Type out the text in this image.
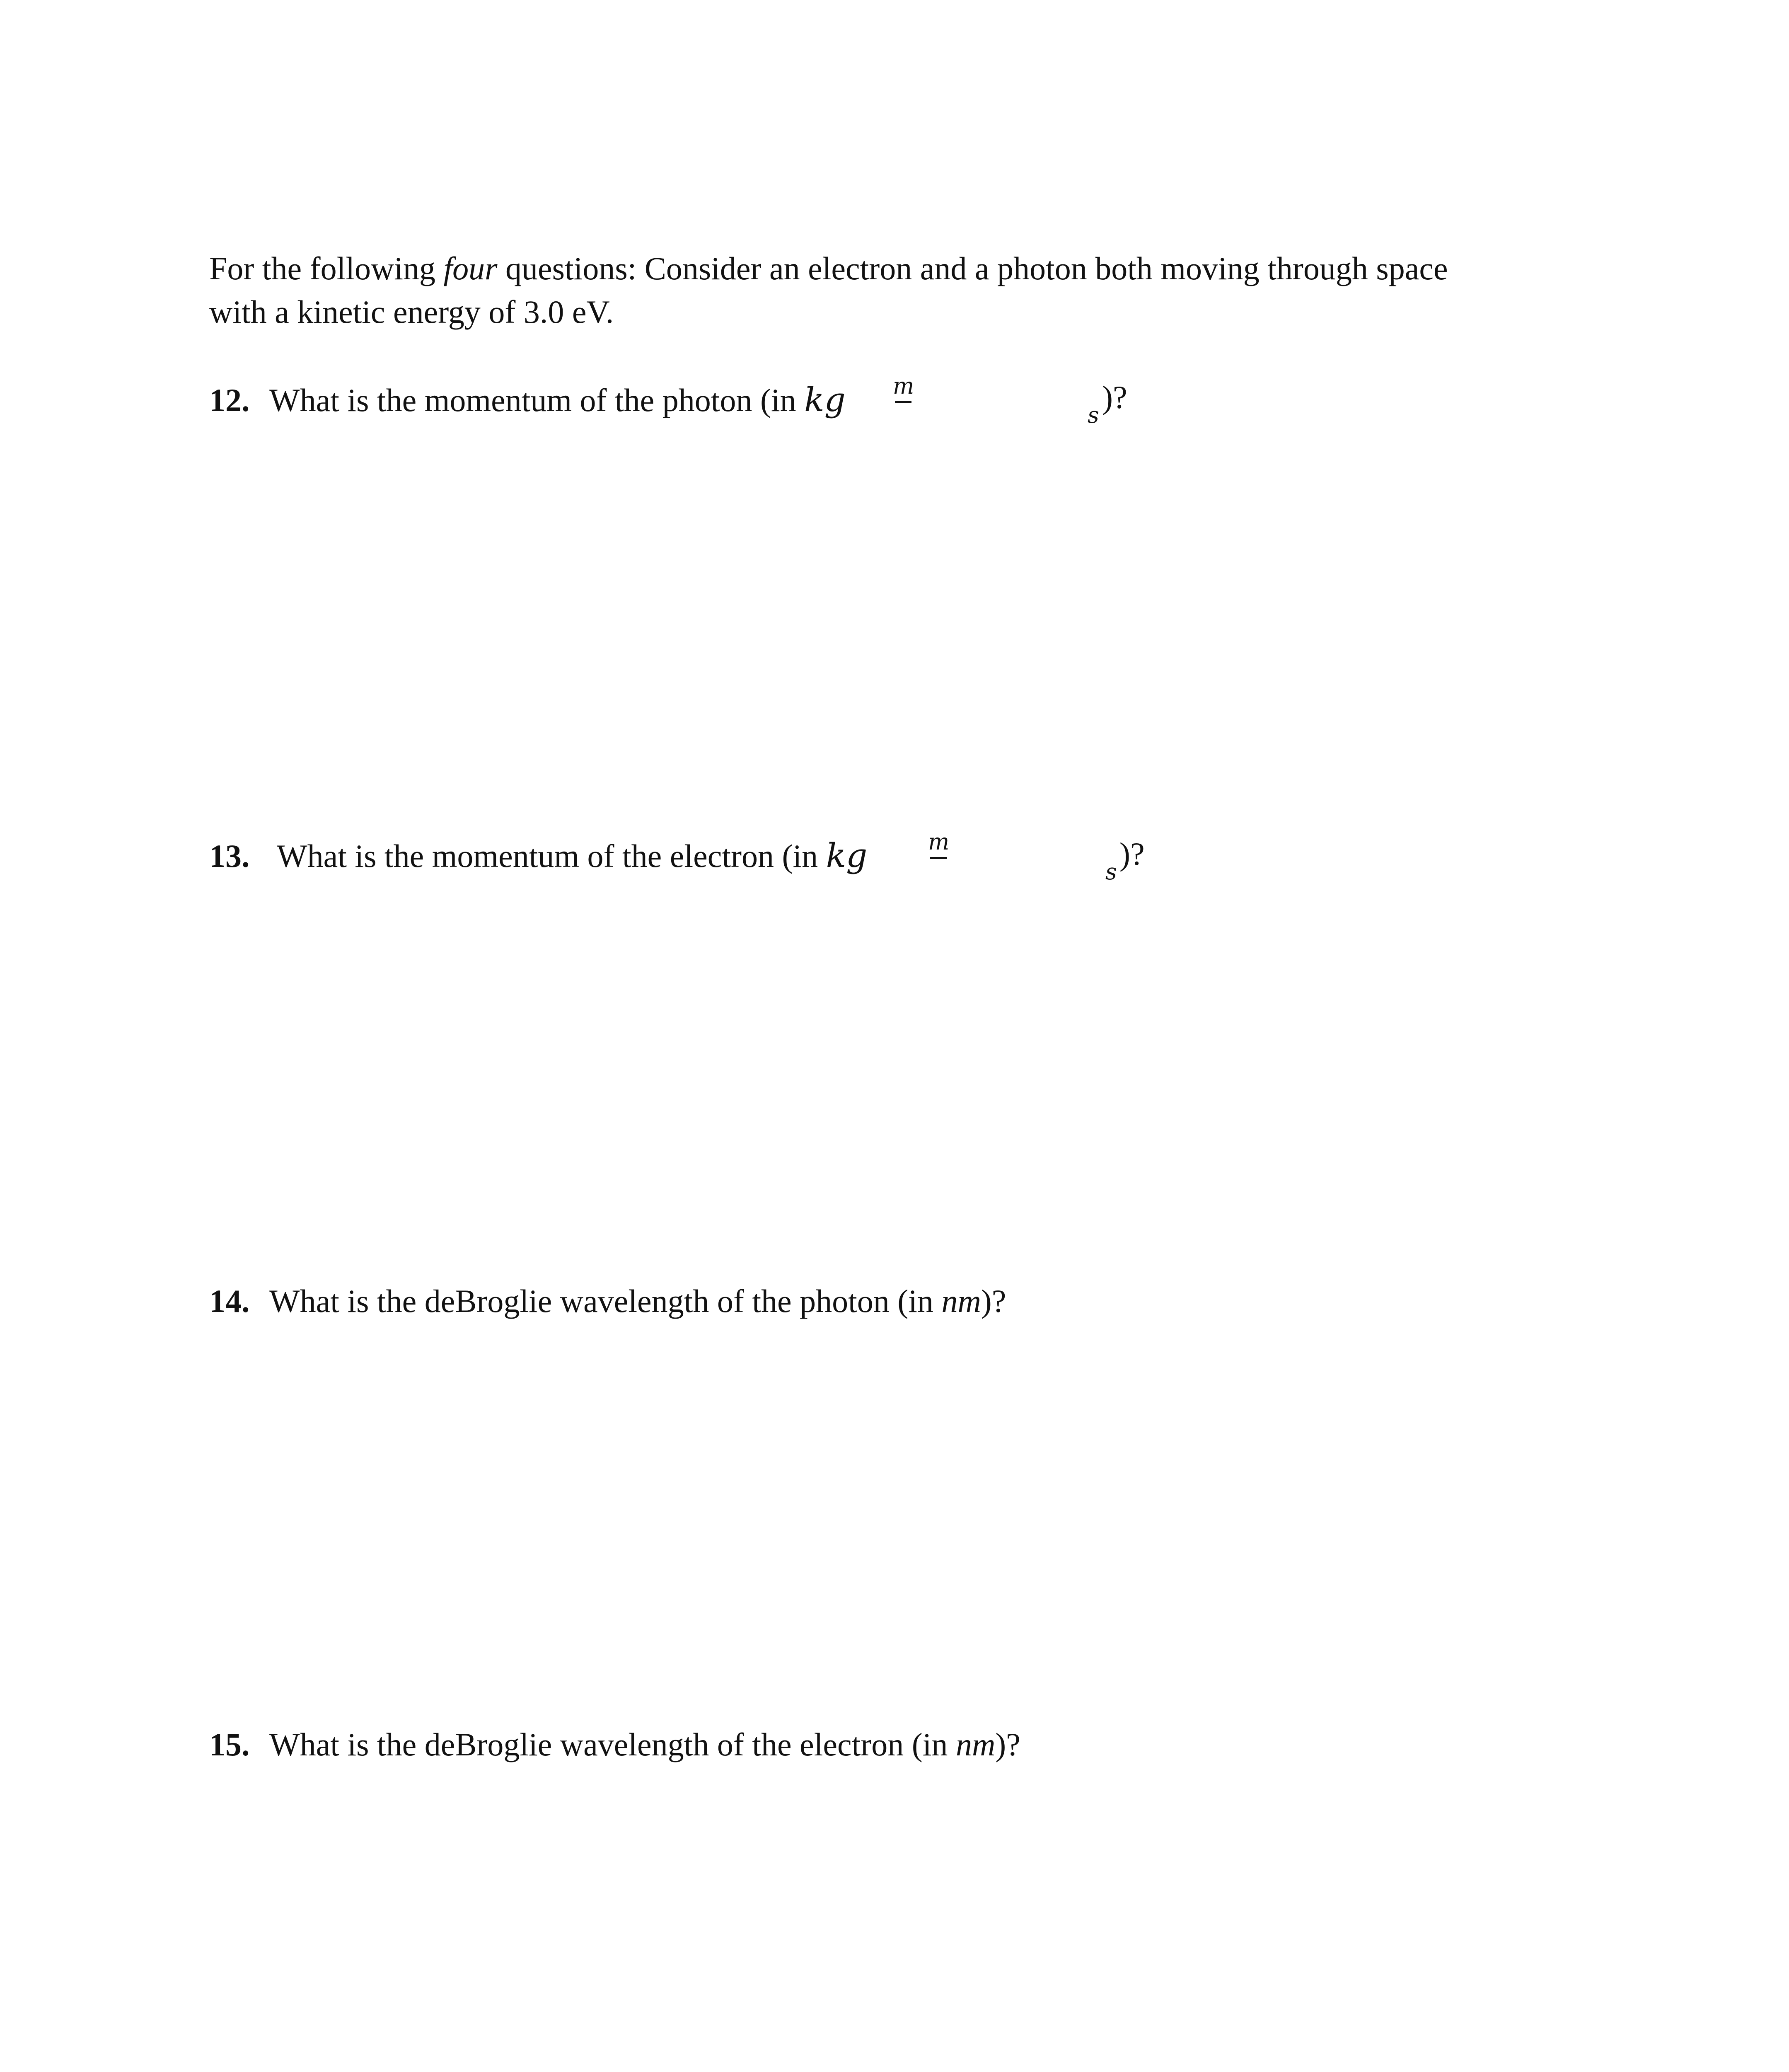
For the following four questions: Consider an electron and a photon both moving through space
with a kinetic energy of 3.0 eV.
12. What is the momentum of the photon (in kg m
s )?
13. What is the momentum of the electron (in kg	m
s )?
14. What is the deBroglie wavelength of the photon (in nm)?
15. What is the deBroglie wavelength of the electron (in nm)?
